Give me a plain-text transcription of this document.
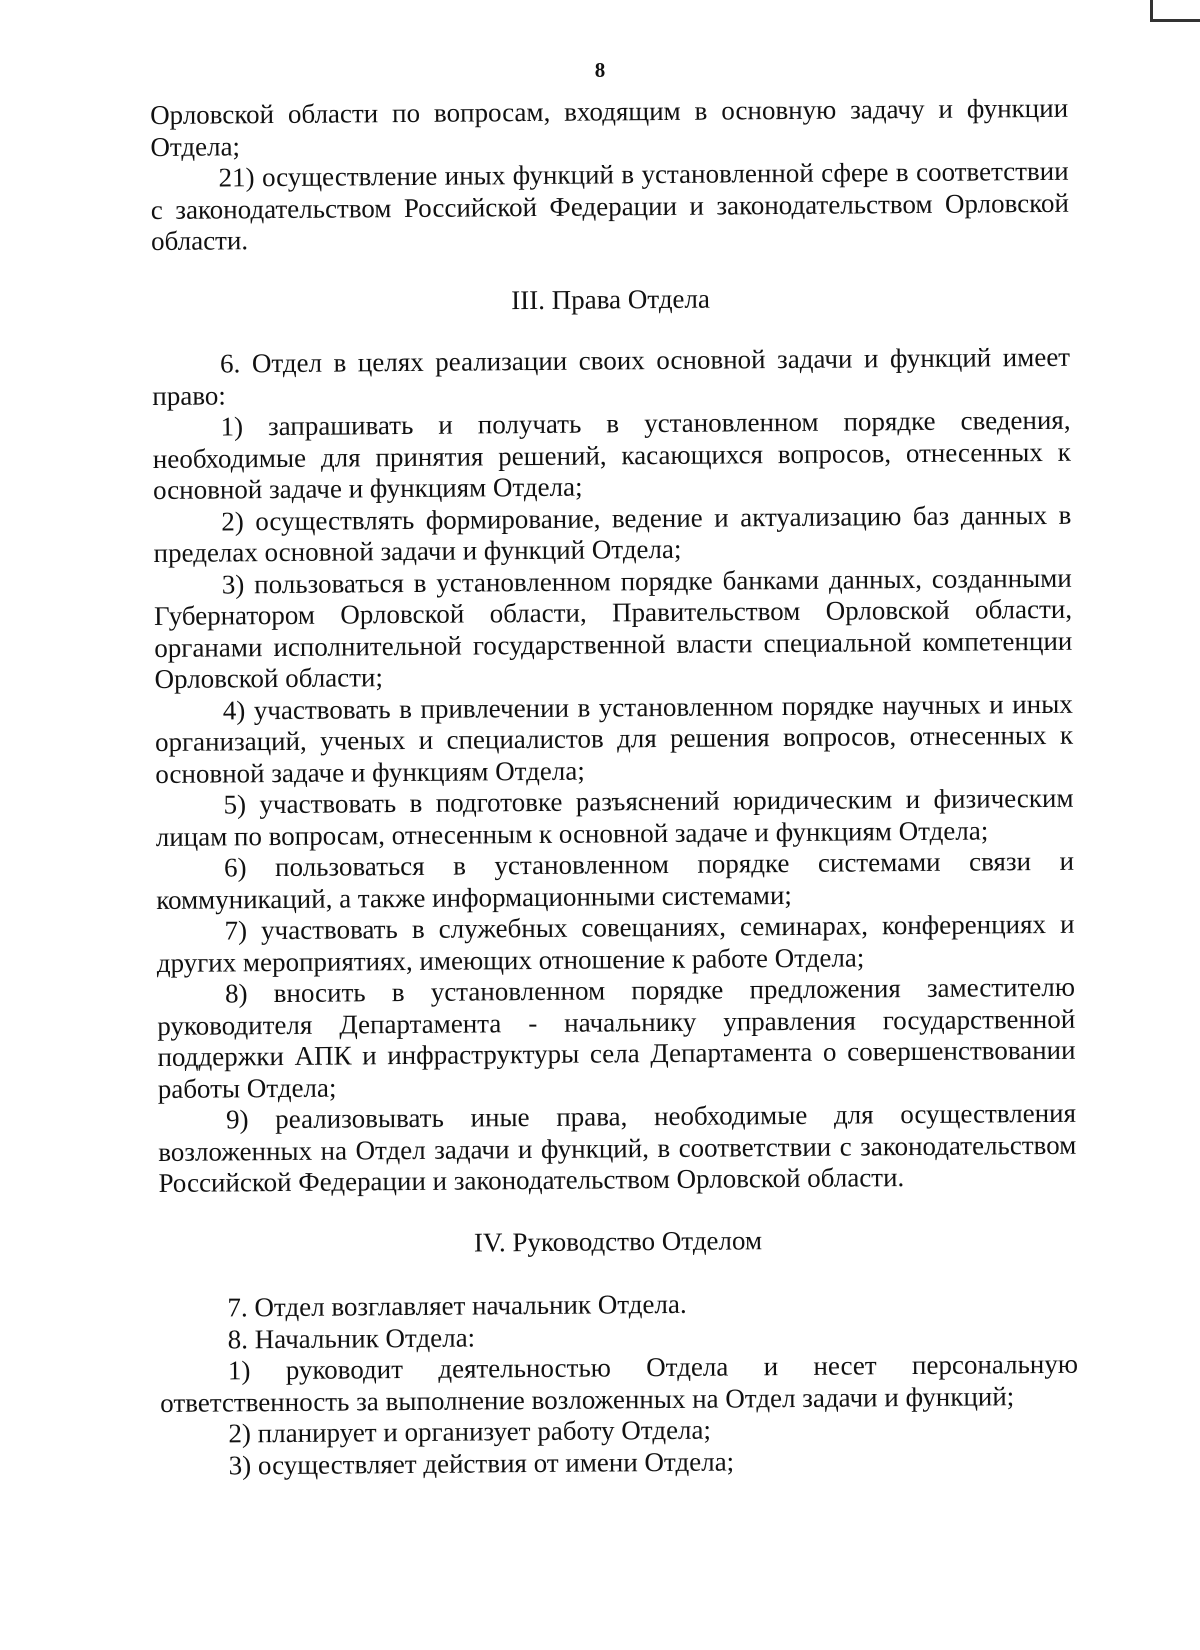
8

Орловской области по вопросам, входящим в основную задачу и функции Отдела;

21) осуществление иных функций в установленной сфере в соответствии с законодательством Российской Федерации и законодательством Орловской области.

III. Права Отдела

6. Отдел в целях реализации своих основной задачи и функций имеет право:

1) запрашивать и получать в установленном порядке сведения, необходимые для принятия решений, касающихся вопросов, отнесенных к основной задаче и функциям Отдела;

2) осуществлять формирование, ведение и актуализацию баз данных в пределах основной задачи и функций Отдела;

3) пользоваться в установленном порядке банками данных, созданными Губернатором Орловской области, Правительством Орловской области, органами исполнительной государственной власти специальной компетенции Орловской области;

4) участвовать в привлечении в установленном порядке научных и иных организаций, ученых и специалистов для решения вопросов, отнесенных к основной задаче и функциям Отдела;

5) участвовать в подготовке разъяснений юридическим и физическим лицам по вопросам, отнесенным к основной задаче и функциям Отдела;

6) пользоваться в установленном порядке системами связи и коммуникаций, а также информационными системами;

7) участвовать в служебных совещаниях, семинарах, конференциях и других мероприятиях, имеющих отношение к работе Отдела;

8) вносить в установленном порядке предложения заместителю руководителя Департамента - начальнику управления государственной поддержки АПК и инфраструктуры села Департамента о совершенствовании работы Отдела;

9) реализовывать иные права, необходимые для осуществления возложенных на Отдел задачи и функций, в соответствии с законодательством Российской Федерации и законодательством Орловской области.

IV. Руководство Отделом

7. Отдел возглавляет начальник Отдела.

8. Начальник Отдела:

1) руководит деятельностью Отдела и несет персональную ответственность за выполнение возложенных на Отдел задачи и функций;

2) планирует и организует работу Отдела;

3) осуществляет действия от имени Отдела;
